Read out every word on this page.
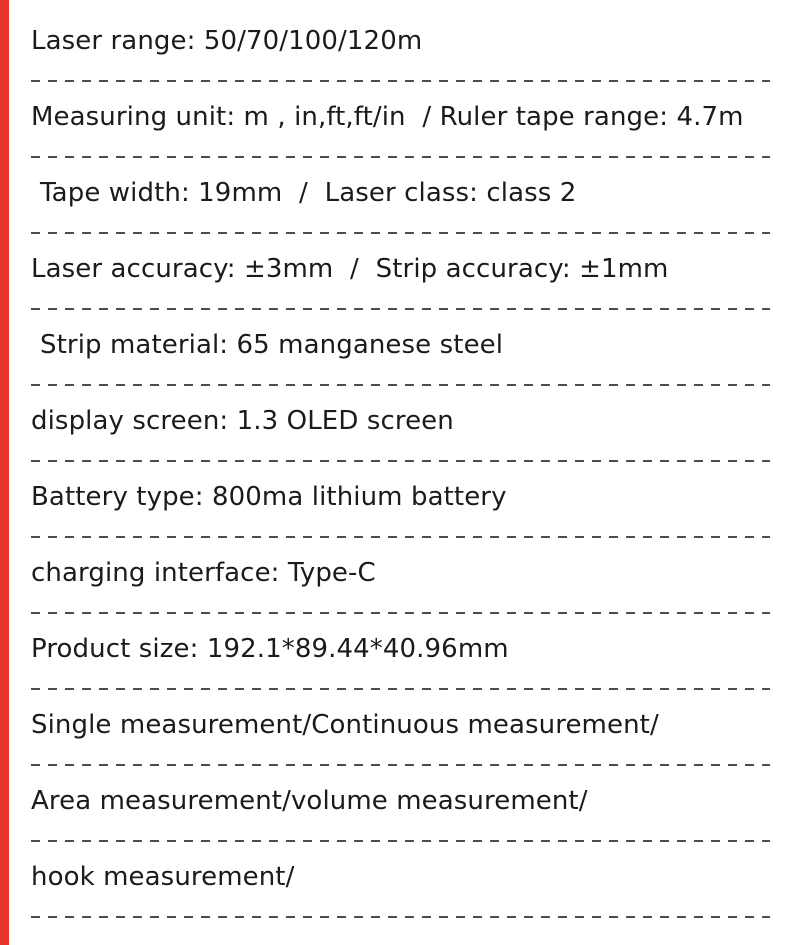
Laser range: 50/70/100/120m
Measuring unit: m , in,ft,ft/in  / Ruler tape range: 4.7m
Tape width: 19mm  /  Laser class: class 2
Laser accuracy: ±3mm  /  Strip accuracy: ±1mm
Strip material: 65 manganese steel
display screen: 1.3 OLED screen
Battery type: 800ma lithium battery
charging interface: Type-C
Product size: 192.1*89.44*40.96mm
Single measurement/Continuous measurement/
Area measurement/volume measurement/
hook measurement/
